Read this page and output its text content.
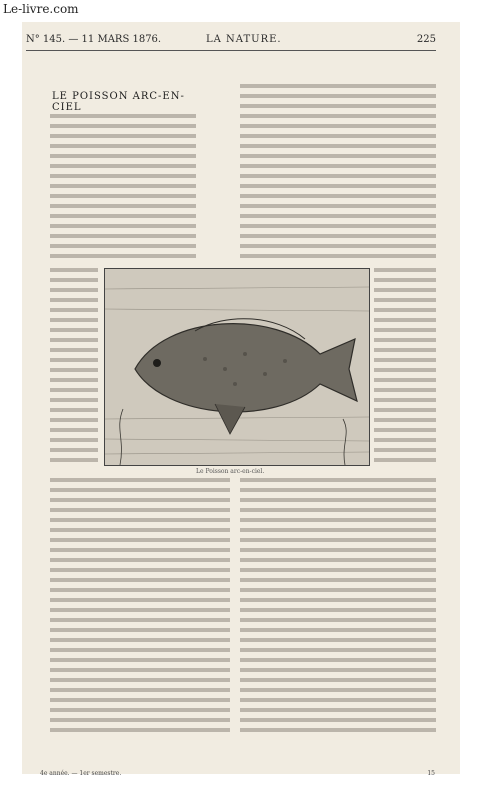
Le-livre.com
N° 145. — 11 MARS 1876.	LA NATURE.	225
LE POISSON ARC-EN-CIEL
Le Poisson arc-en-ciel.
4e année. — 1er semestre.	15
